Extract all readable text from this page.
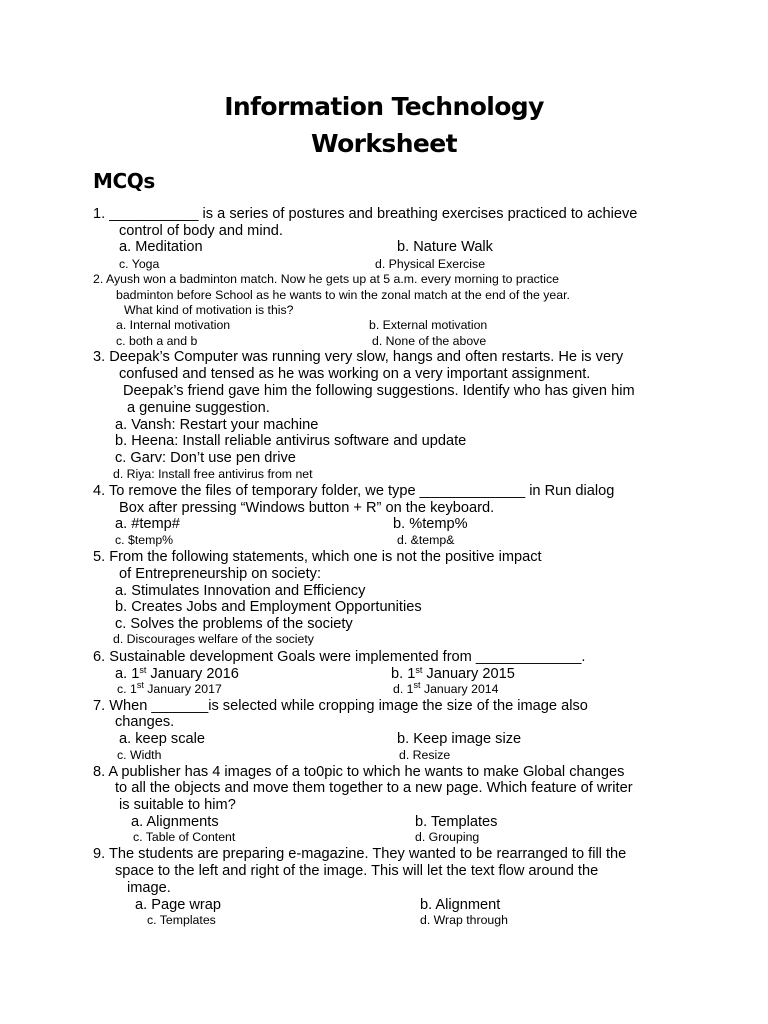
Information Technology
Worksheet
MCQs

1. ___________ is a series of postures and breathing exercises practiced to achieve

control of body and mind.

a. Meditation	b. Nature Walk

c. Yoga	d. Physical Exercise

2. Ayush won a badminton match. Now he gets up at 5 a.m. every morning to practice

badminton before School as he wants to win the zonal match at the end of the year.

What kind of motivation is this?

a. Internal motivation	b. External motivation

c. both a and b	d. None of the above

3. Deepak’s Computer was running very slow, hangs and often restarts. He is very

confused and tensed as he was working on a very important assignment.

Deepak’s friend gave him the following suggestions. Identify who has given him

a genuine suggestion.

a. Vansh: Restart your machine

b. Heena: Install reliable antivirus software and update

c. Garv: Don’t use pen drive

d. Riya: Install free antivirus from net

4. To remove the files of temporary folder, we type _____________ in Run dialog

Box after pressing “Windows button + R” on the keyboard.

a. #temp#	b. %temp%

c. $temp%	d. &temp&

5. From the following statements, which one is not the positive impact

of Entrepreneurship on society:

a. Stimulates Innovation and Efficiency

b. Creates Jobs and Employment Opportunities

c. Solves the problems of the society

d. Discourages welfare of the society

6. Sustainable development Goals were implemented from _____________.

a. 1st January 2016	b. 1st January 2015

c. 1st January 2017	d. 1st January 2014

7. When _______is selected while cropping image the size of the image also

changes.

a. keep scale	b. Keep image size

c. Width	d. Resize

8. A publisher has 4 images of a to0pic to which he wants to make Global changes

to all the objects and move them together to a new page. Which feature of writer

is suitable to him?

a. Alignments	b. Templates

c. Table of Content	d. Grouping

9. The students are preparing e-magazine. They wanted to be rearranged to fill the

space to the left and right of the image. This will let the text flow around the

image.

a. Page wrap	b. Alignment

c. Templates	d. Wrap through
